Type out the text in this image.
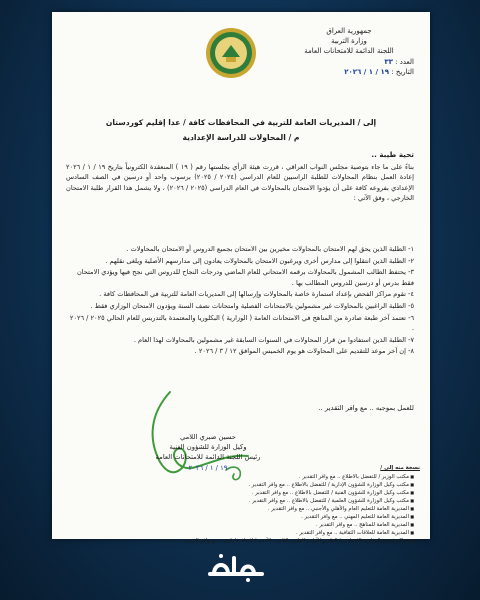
جمهورية العراق
وزارة التربية
اللجنة الدائمة للامتحانات العامة
العدد : ٣٣
التاريخ : ١٩ / ١ / ٢٠٢٦
إلى / المديريات العامة للتربية في المحافظات كافة / عدا إقليم كوردستان
م / المحاولات للدراسة الإعدادية
تحية طيبة ..
بناءً على ما جاء بتوصية مجلس النواب العراقي ، قررت هيئة الرأي بجلستها رقم ( ١٩ ) المنعقدة الكترونياً بتاريخ ١٩ / ١ / ٢٠٢٦ إعادة العمل بنظام المحاولات للطلبة الراسبين للعام الدراسي (٢٠٢٤ / ٢٠٢٥) برسوب واحد أو درسين في الصف السادس الإعدادي بفروعه كافة على أن يؤدوا الامتحان بالمحاولات في العام الدراسي (٢٠٢٥ / ٢٠٢٦) ، ولا يشمل هذا القرار طلبة الامتحان الخارجي ، وفق الآتي :
١- الطلبة الذين يحق لهم الامتحان بالمحاولات مخيرين بين الامتحان بجميع الدروس أو الامتحان بالمحاولات .
٢- الطلبة الذين انتقلوا إلى مدارس أخرى ويرغبون الامتحان بالمحاولات يعادون إلى مدارسهم الأصلية ويلغى نقلهم .
٣- يحتفظ الطالب المشمول بالمحاولات برقمه الامتحاني للعام الماضي ودرجات النجاح للدروس التي نجح فيها ويؤدي الامتحان فقط بدرس أو درسين للدروس المطالب بها .
٤- تقوم مراكز الفحص بإعداد استمارة خاصة بالمحاولات وإرسالها إلى المديريات العامة للتربية في المحافظات كافة .
٥- الطلبة الراغبين بالمحاولات غير مشمولين بالامتحانات الفصلية وامتحانات نصف السنة ويؤدون الامتحان الوزاري فقط .
٦- تعتمد آخر طبعة صادرة من المناهج في الامتحانات العامة ( الوزارية ) البكلوريا والمعتمدة بالتدريس للعام الحالي ٢٠٢٥ / ٢٠٢٦ .
٧- الطلبة الذين استفادوا من قرار المحاولات في السنوات السابقة غير مشمولين بالمحاولات لهذا العام .
٨- إن آخر موعد للتقديم على المحاولات هو يوم الخميس الموافق ١٢ / ٣ / ٢٠٢٦ .
للعمل بموجبه .. مع وافر التقدير ..
حسين صبري اللامي
وكيل الوزارة للشؤون الفنية
رئيس اللجنة الدائمة للامتحانات العامة
١٩ / ١ / ٢٠٢٦	نسخة منه إلى /
■ مكتب الوزير / للتفضل بالاطلاع .. مع وافر التقدير .
■ مكتب وكيل الوزارة للشؤون الإدارية / للتفضل بالاطلاع .. مع وافر التقدير .
■ مكتب وكيل الوزارة للشؤون الفنية / للتفضل بالاطلاع .. مع وافر التقدير .
■ مكتب وكيل الوزارة للشؤون العلمية / للتفضل بالاطلاع .. مع وافر التقدير .
■ المديرية العامة للتعليم العام والأهلي والأجنبي .. مع وافر التقدير .
■ المديرية العامة للتعليم المهني .. مع وافر التقدير .
■ المديرية العامة للمناهج .. مع وافر التقدير .
■ المديرية العامة للعلاقات الثقافية .. مع وافر التقدير .
■ مراكز فحص الدراسة الإعدادية ( العلمي الأول ، العلمي الثاني ، الأدبي ) لاتخاذ ما يلزم .. مع وافر التقدير .
